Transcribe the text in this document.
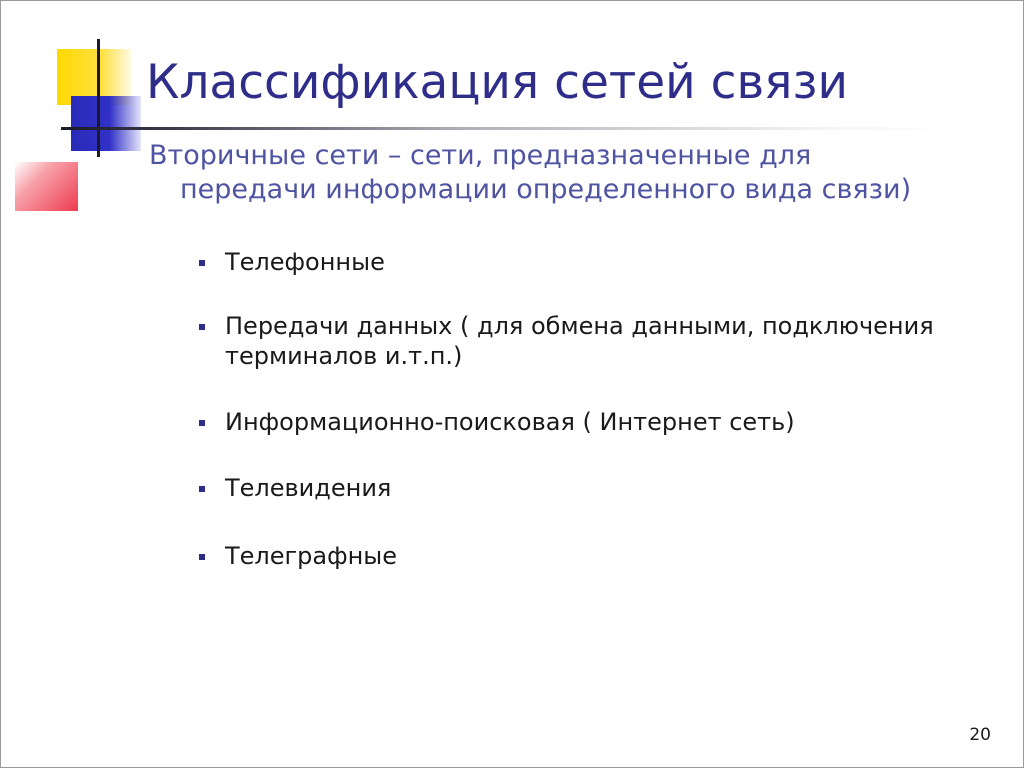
Классификация сетей связи
Вторичные сети – сети, предназначенные для
передачи информации определенного вида связи)
Телефонные
Передачи данных ( для обмена данными, подключения
терминалов и.т.п.)
Информационно-поисковая ( Интернет сеть)
Телевидения
Телеграфные
20
